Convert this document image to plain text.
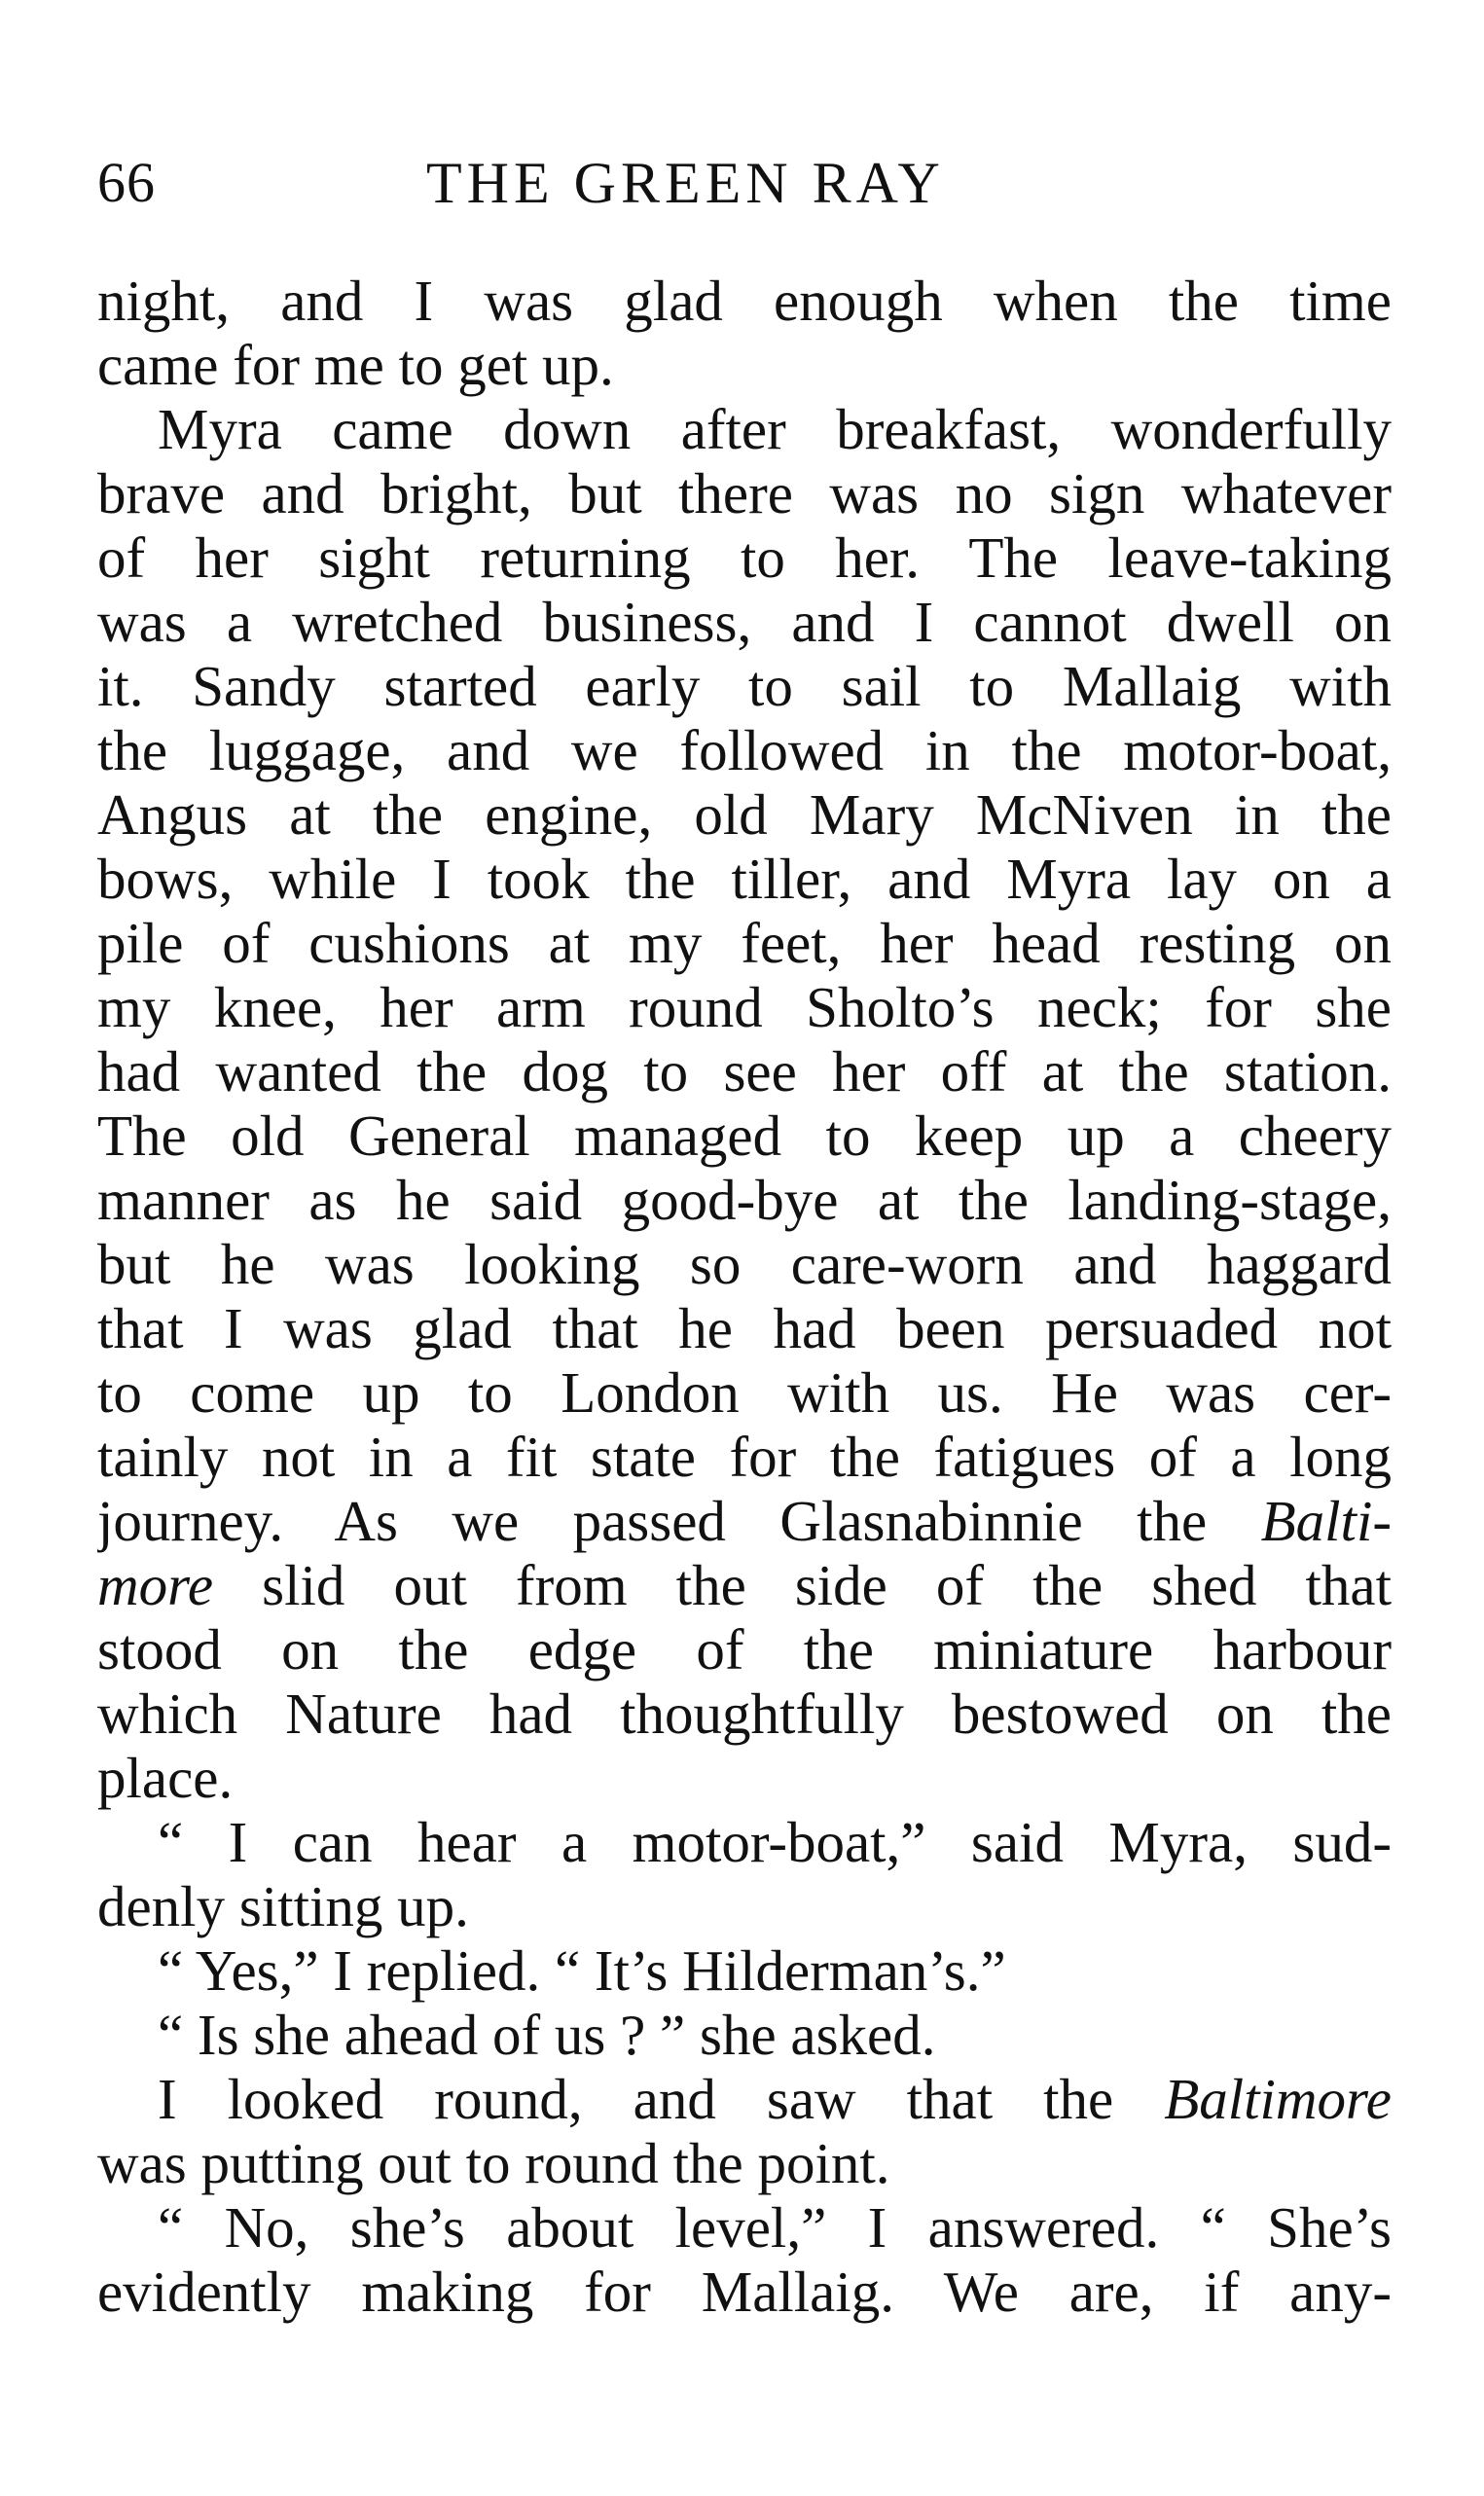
66	THE GREEN RAY
night, and I was glad enough when the time
came for me to get up.
Myra came down after breakfast, wonderfully
brave and bright, but there was no sign whatever
of her sight returning to her. The leave-taking
was a wretched business, and I cannot dwell on
it. Sandy started early to sail to Mallaig with
the luggage, and we followed in the motor-boat,
Angus at the engine, old Mary McNiven in the
bows, while I took the tiller, and Myra lay on a
pile of cushions at my feet, her head resting on
my knee, her arm round Sholto’s neck; for she
had wanted the dog to see her off at the station.
The old General managed to keep up a cheery
manner as he said good-bye at the landing-stage,
but he was looking so care-worn and haggard
that I was glad that he had been persuaded not
to come up to London with us. He was cer-
tainly not in a fit state for the fatigues of a long
journey. As we passed Glasnabinnie the Balti-
more slid out from the side of the shed that
stood on the edge of the miniature harbour
which Nature had thoughtfully bestowed on the
place.
“ I can hear a motor-boat,” said Myra, sud-
denly sitting up.
“ Yes,” I replied. “ It’s Hilderman’s.”
“ Is she ahead of us ? ” she asked.
I looked round, and saw that the Baltimore
was putting out to round the point.
“ No, she’s about level,” I answered. “ She’s
evidently making for Mallaig. We are, if any-
